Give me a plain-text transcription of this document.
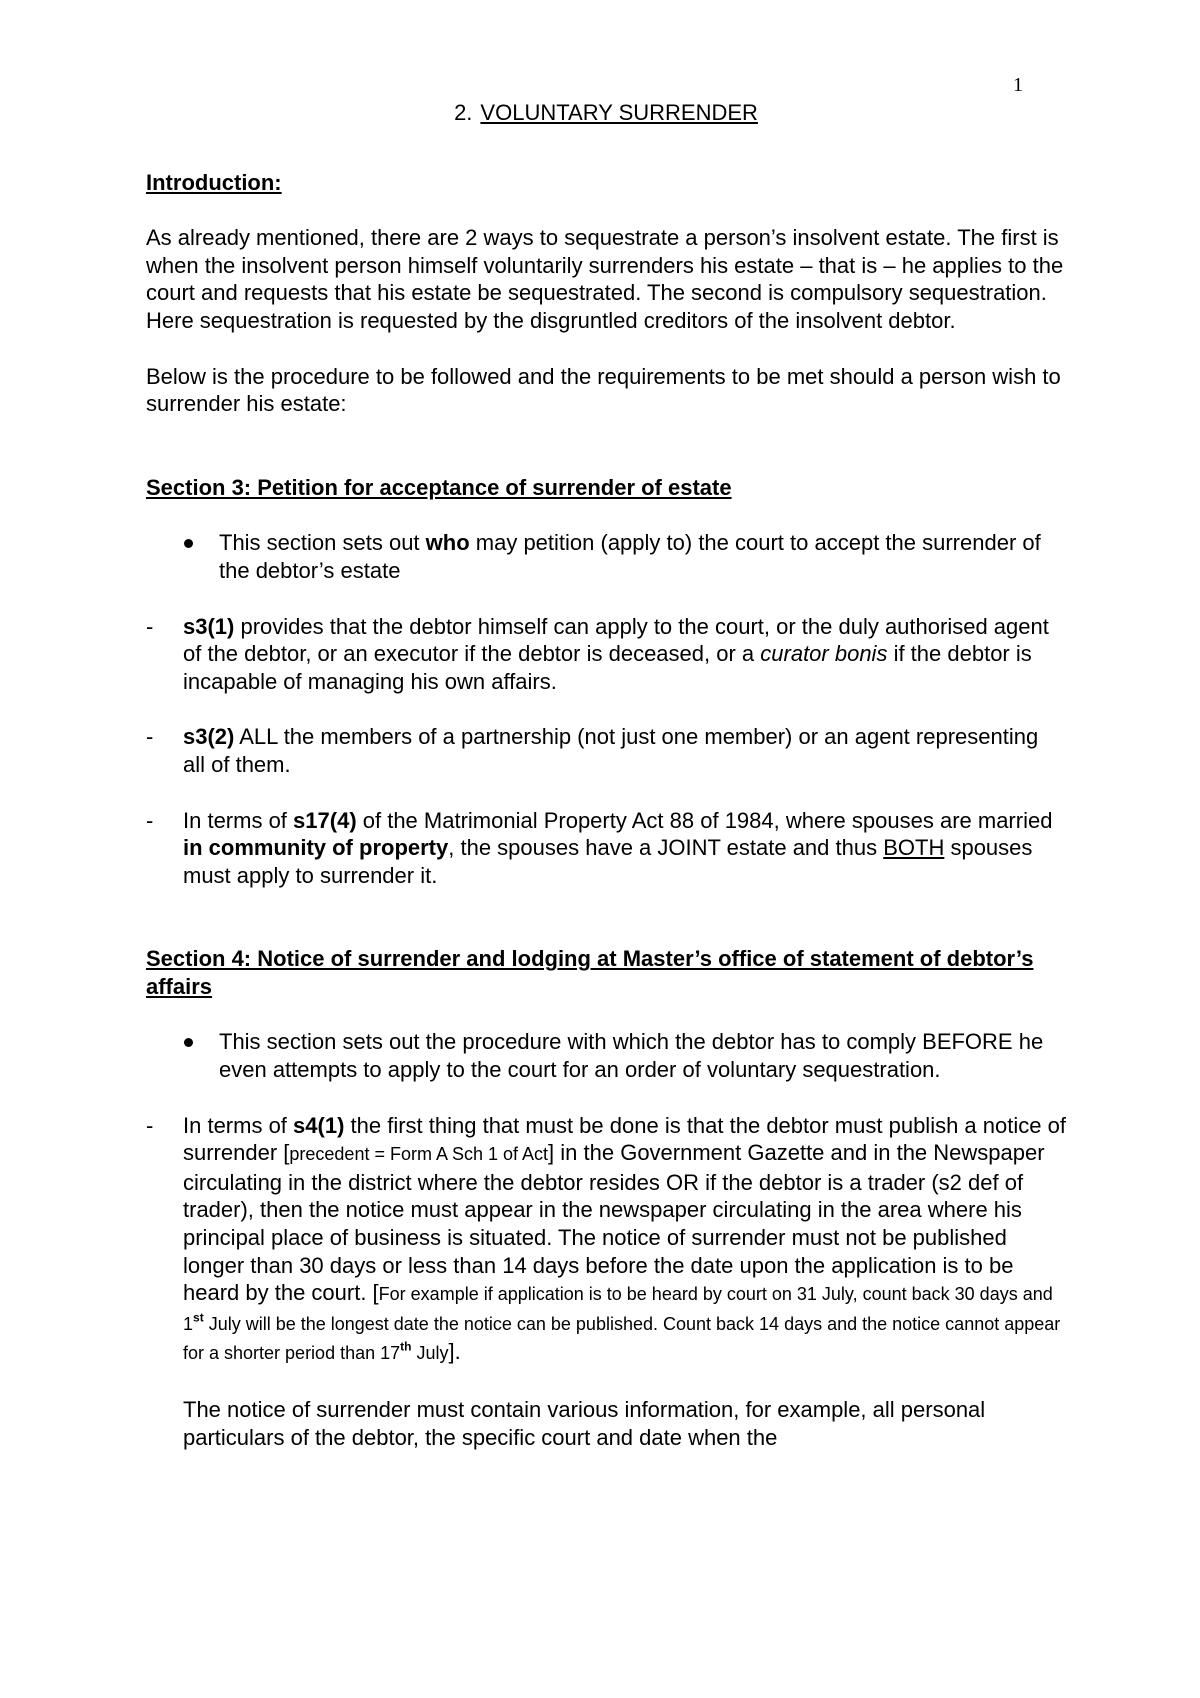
1

2. VOLUNTARY SURRENDER

Introduction:

As already mentioned, there are 2 ways to sequestrate a person’s insolvent estate. The first is when the insolvent person himself voluntarily surrenders his estate – that is – he applies to the court and requests that his estate be sequestrated. The second is compulsory sequestration. Here sequestration is requested by the disgruntled creditors of the insolvent debtor.

Below is the procedure to be followed and the requirements to be met should a person wish to surrender his estate:

Section 3: Petition for acceptance of surrender of estate

This section sets out who may petition (apply to) the court to accept the surrender of the debtor’s estate

- s3(1) provides that the debtor himself can apply to the court, or the duly authorised agent of the debtor, or an executor if the debtor is deceased, or a curator bonis if the debtor is incapable of managing his own affairs.

- s3(2) ALL the members of a partnership (not just one member) or an agent representing all of them.

- In terms of s17(4) of the Matrimonial Property Act 88 of 1984, where spouses are married in community of property, the spouses have a JOINT estate and thus BOTH spouses must apply to surrender it.

Section 4: Notice of surrender and lodging at Master’s office of statement of debtor’s affairs

This section sets out the procedure with which the debtor has to comply BEFORE he even attempts to apply to the court for an order of voluntary sequestration.

- In terms of s4(1) the first thing that must be done is that the debtor must publish a notice of surrender [precedent = Form A Sch 1 of Act] in the Government Gazette and in the Newspaper circulating in the district where the debtor resides OR if the debtor is a trader (s2 def of trader), then the notice must appear in the newspaper circulating in the area where his principal place of business is situated. The notice of surrender must not be published longer than 30 days or less than 14 days before the date upon the application is to be heard by the court. [For example if application is to be heard by court on 31 July, count back 30 days and 1st July will be the longest date the notice can be published. Count back 14 days and the notice cannot appear for a shorter period than 17th July].

The notice of surrender must contain various information, for example, all personal particulars of the debtor, the specific court and date when the
